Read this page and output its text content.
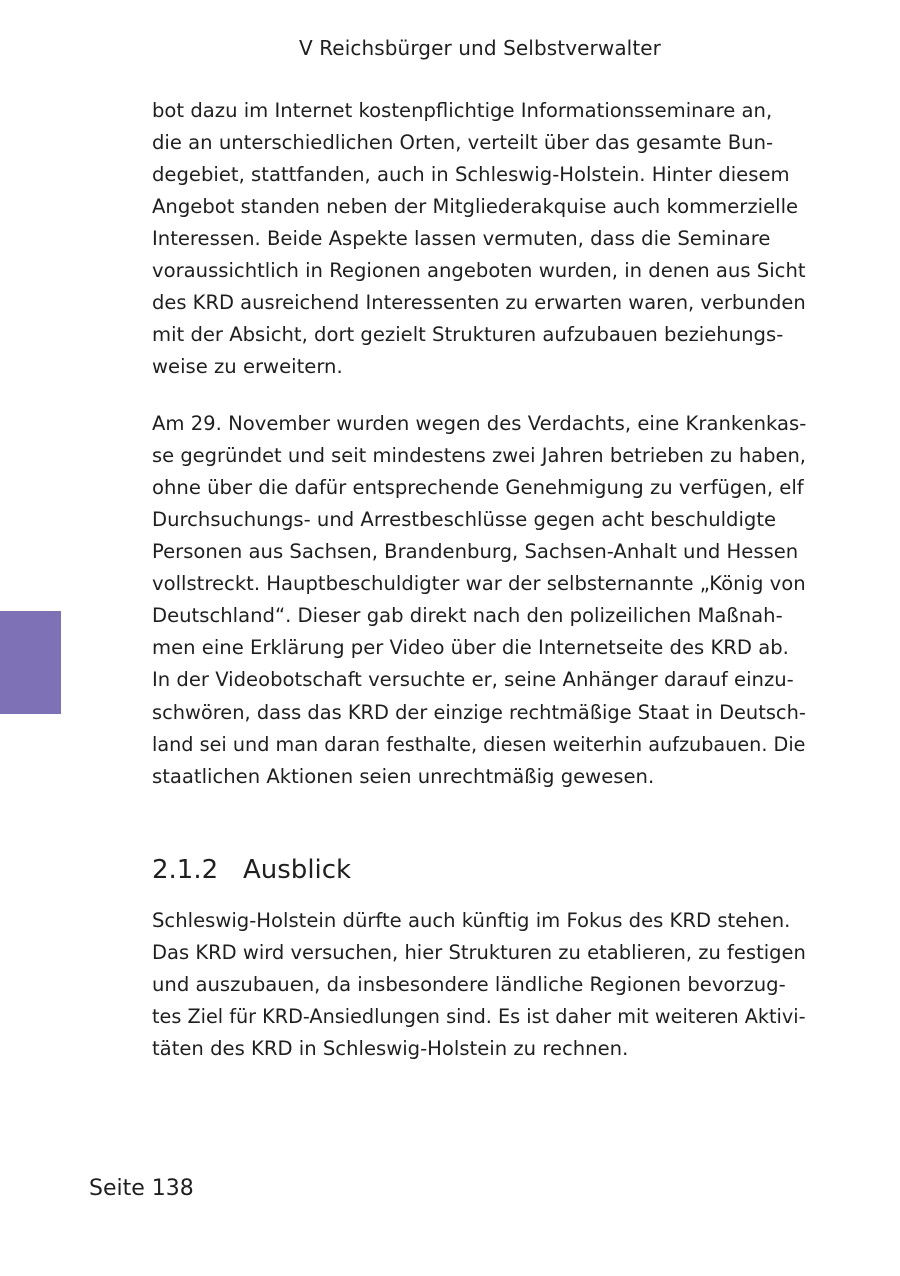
V Reichsbürger und Selbstverwalter
bot dazu im Internet kostenpflichtige Informationsseminare an,
die an unterschiedlichen Orten, verteilt über das gesamte Bun-
degebiet, stattfanden, auch in Schleswig-Holstein. Hinter diesem
Angebot standen neben der Mitgliederakquise auch kommerzielle
Interessen. Beide Aspekte lassen vermuten, dass die Seminare
voraussichtlich in Regionen angeboten wurden, in denen aus Sicht
des KRD ausreichend Interessenten zu erwarten waren, verbunden
mit der Absicht, dort gezielt Strukturen aufzubauen beziehungs-
weise zu erweitern.
Am 29. November wurden wegen des Verdachts, eine Krankenkas-
se gegründet und seit mindestens zwei Jahren betrieben zu haben,
ohne über die dafür entsprechende Genehmigung zu verfügen, elf
Durchsuchungs- und Arrestbeschlüsse gegen acht beschuldigte
Personen aus Sachsen, Brandenburg, Sachsen-Anhalt und Hessen
vollstreckt. Hauptbeschuldigter war der selbsternannte „König von
Deutschland“. Dieser gab direkt nach den polizeilichen Maßnah-
men eine Erklärung per Video über die Internetseite des KRD ab.
In der Videobotschaft versuchte er, seine Anhänger darauf einzu-
schwören, dass das KRD der einzige rechtmäßige Staat in Deutsch-
land sei und man daran festhalte, diesen weiterhin aufzubauen. Die
staatlichen Aktionen seien unrechtmäßig gewesen.
2.1.2 Ausblick
Schleswig-Holstein dürfte auch künftig im Fokus des KRD stehen.
Das KRD wird versuchen, hier Strukturen zu etablieren, zu festigen
und auszubauen, da insbesondere ländliche Regionen bevorzug-
tes Ziel für KRD-Ansiedlungen sind. Es ist daher mit weiteren Aktivi-
täten des KRD in Schleswig-Holstein zu rechnen.
Seite 138
